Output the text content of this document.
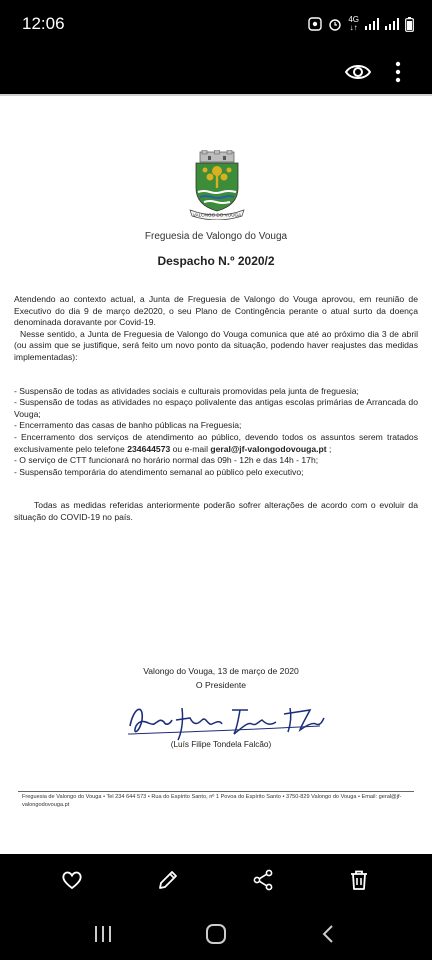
12:06	4G
↓↑
VALONGO DO VOUGA
Freguesia de Valongo do Vouga
Despacho N.º 2020/2

Atendendo ao contexto actual, a Junta de Freguesia de Valongo do Vouga aprovou, em reunião de Executivo do dia 9 de março de2020, o seu Plano de Contingência perante o atual surto da doença denominada doravante por Covid-19.

Nesse sentido, a Junta de Freguesia de Valongo do Vouga comunica que até ao próximo dia 3 de abril (ou assim que se justifique, será feito um novo ponto da situação, podendo haver reajustes das medidas implementadas):

- Suspensão de todas as atividades sociais e culturais promovidas pela junta de freguesia;

- Suspensão de todas as atividades no espaço polivalente das antigas escolas primárias de Arrancada do Vouga;

- Encerramento das casas de banho públicas na Freguesia;

- Encerramento dos serviços de atendimento ao público, devendo todos os assuntos serem tratados exclusivamente pelo telefone 234644573 ou e-mail geral@jf-valongodovouga.pt ;

- O serviço de CTT funcionará no horário normal das 09h - 12h e das 14h - 17h;

- Suspensão temporária do atendimento semanal ao público pelo executivo;

Todas as medidas referidas anteriormente poderão sofrer alterações de acordo com o evoluir da situação do COVID-19 no país.

Valongo do Vouga, 13 de março de 2020
O Presidente
(Luís Filipe Tondela Falcão)
Freguesia de Valongo do Vouga • Tel 234 644 573 • Rua do Espírito Santo, nº 1 Povoa do Espírito Santo • 3750-829 Valongo do Vouga • Email: geral@jf-valongodovouga.pt
